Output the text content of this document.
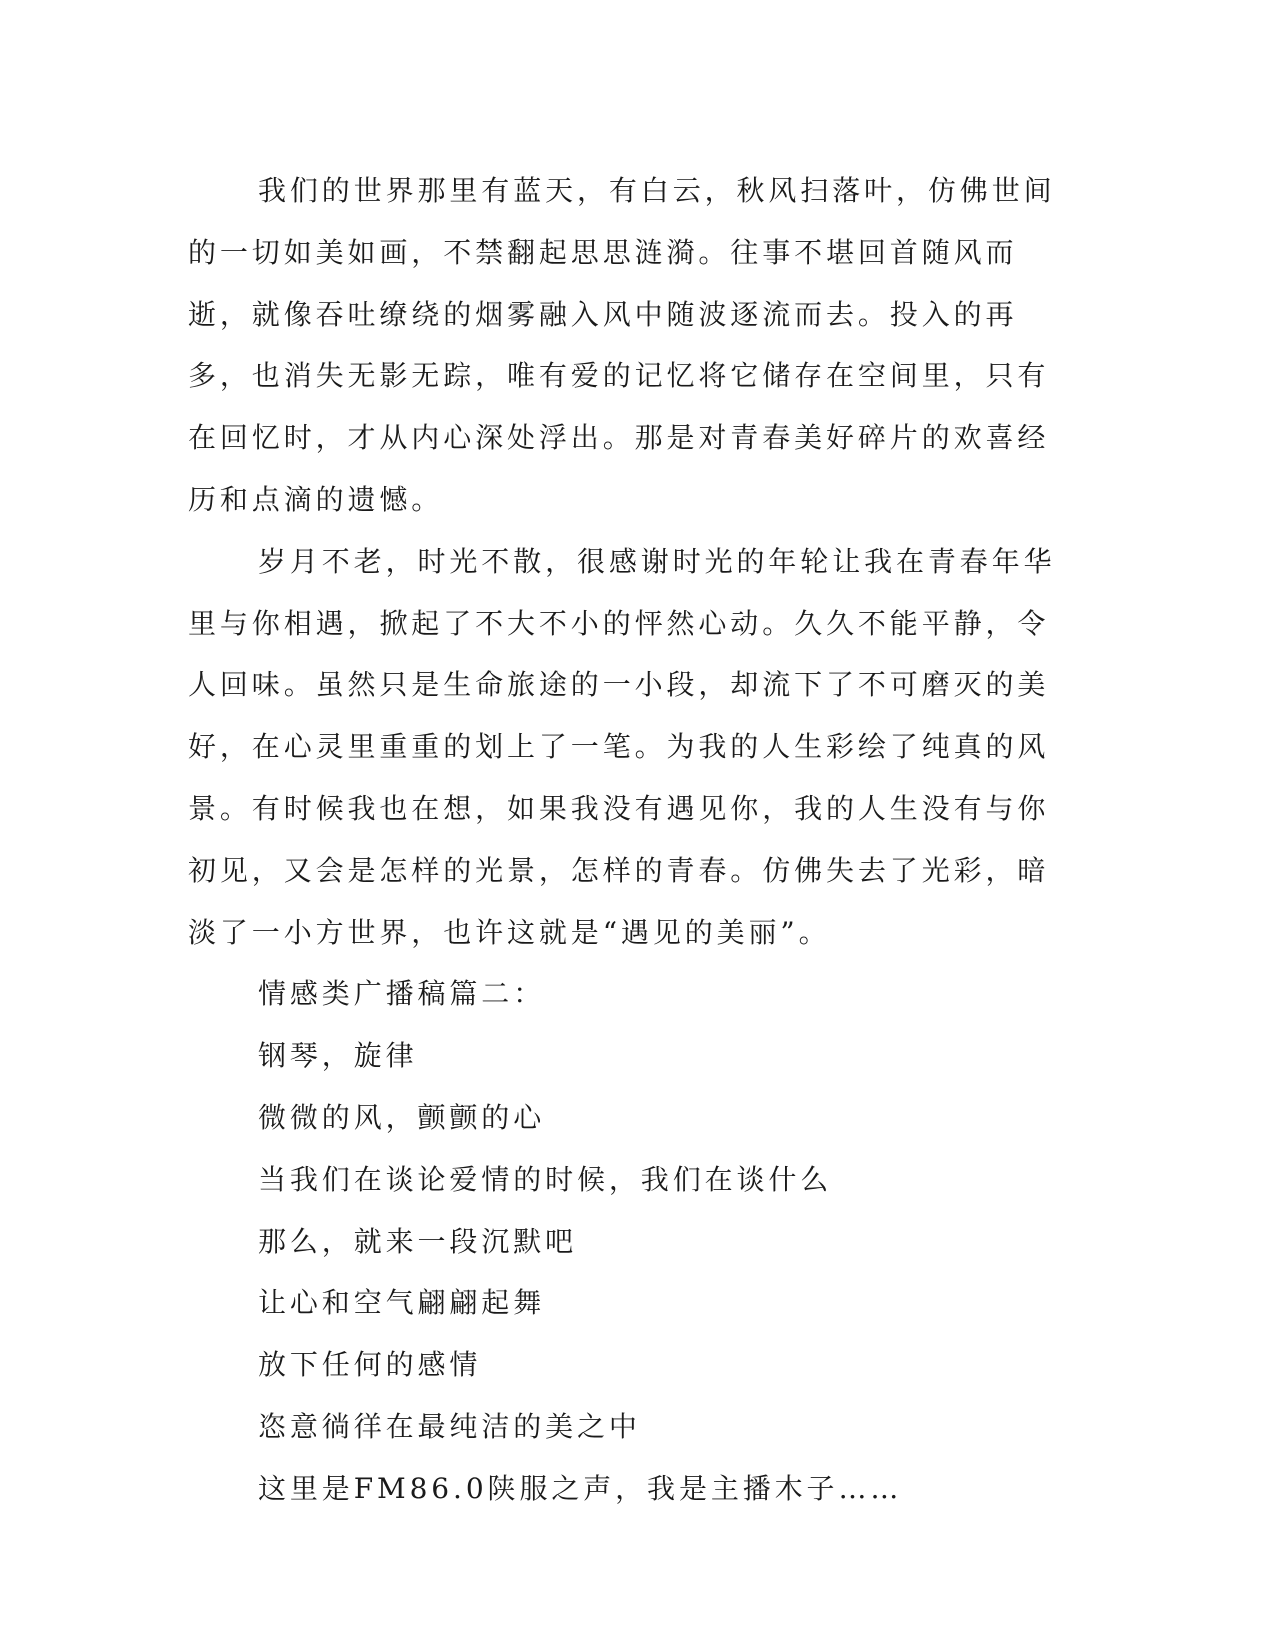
我们的世界那里有蓝天，有白云，秋风扫落叶，仿佛世间的一切如美如画，不禁翻起思思涟漪。往事不堪回首随风而逝，就像吞吐缭绕的烟雾融入风中随波逐流而去。投入的再多，也消失无影无踪，唯有爱的记忆将它储存在空间里，只有在回忆时，才从内心深处浮出。那是对青春美好碎片的欢喜经历和点滴的遗憾。

岁月不老，时光不散，很感谢时光的年轮让我在青春年华里与你相遇，掀起了不大不小的怦然心动。久久不能平静，令人回味。虽然只是生命旅途的一小段，却流下了不可磨灭的美好，在心灵里重重的划上了一笔。为我的人生彩绘了纯真的风景。有时候我也在想，如果我没有遇见你，我的人生没有与你初见，又会是怎样的光景，怎样的青春。仿佛失去了光彩，暗淡了一小方世界，也许这就是“遇见的美丽”。

情感类广播稿篇二：

钢琴，旋律

微微的风，颤颤的心

当我们在谈论爱情的时候，我们在谈什么

那么，就来一段沉默吧

让心和空气翩翩起舞

放下任何的感情

恣意徜徉在最纯洁的美之中

这里是FM86.0陕服之声，我是主播木子……
